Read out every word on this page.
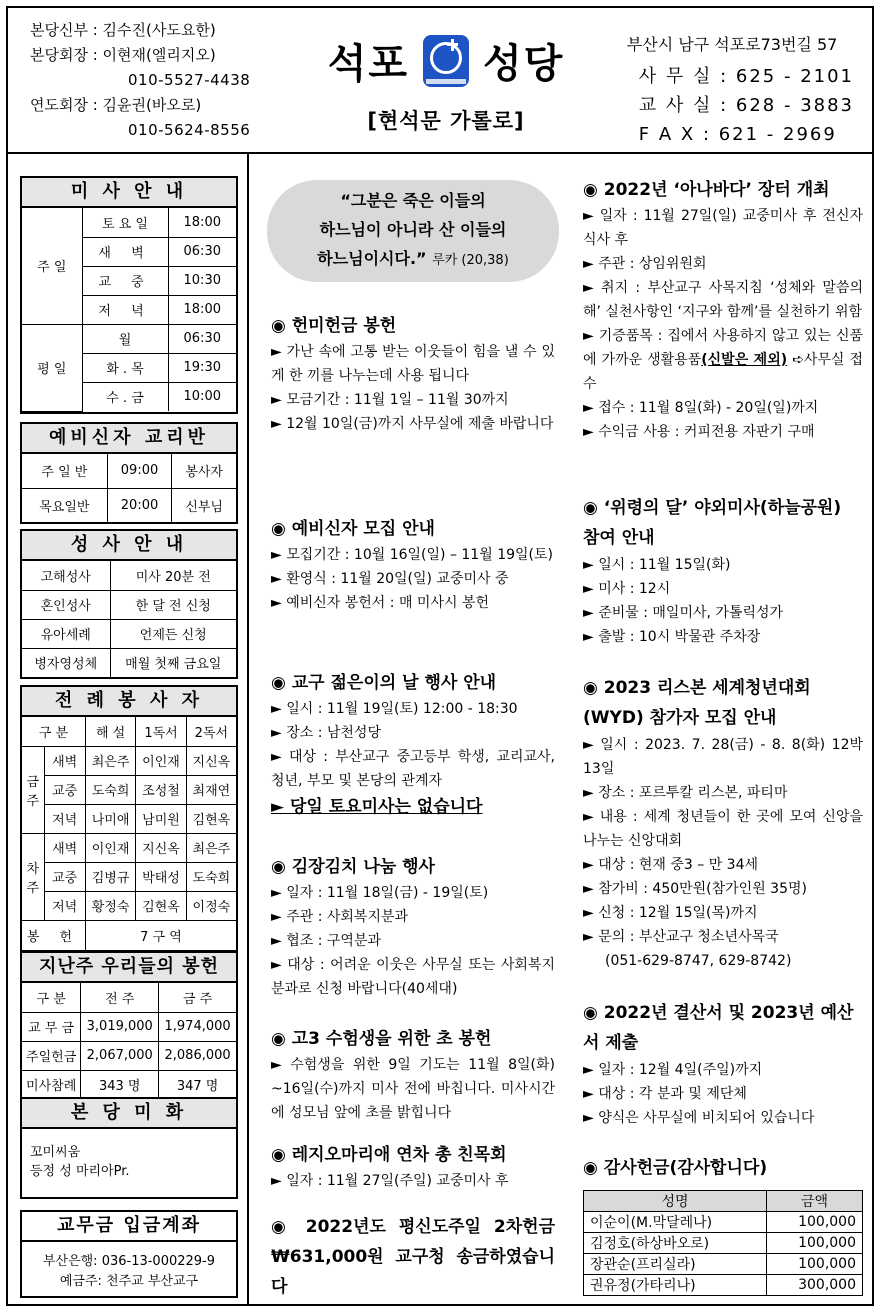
본당신부 : 김수진(사도요한)
본당회장 : 이현재(엘리지오)
010-5527-4438
연도회장 : 김윤권(바오로)
010-5624-8556
석포 성당
[현석문 가롤로]
부산시 남구 석포로73번길 57
사 무 실 : 625 - 2101
교 사 실 : 628 - 3883
F A X : 621 - 2969
미 사 안 내
주 일	토 요 일	18:00
	새 벽	06:30
	교 중	10:30
	저 녁	18:00
평 일	월	06:30
	화 . 목	19:30
	수 . 금	10:00
예비신자 교리반
주 일 반	09:00	봉사자
목요일반	20:00	신부님
성 사 안 내
고해성사	미사 20분 전
혼인성사	한 달 전 신청
유아세례	언제든 신청
병자영성체	매월 첫째 금요일
전 례 봉 사 자
구 분		해 설	1독서	2독서
금주	새벽	최은주	이인재	지신옥
	교중	도숙희	조성철	최재연
	저녁	나미애	남미원	김현옥
차주	새벽	이인재	지신옥	최은주
	교중	김병규	박태성	도숙희
	저녁	황정숙	김현옥	이정숙
봉 헌		7 구 역		
지난주 우리들의 봉헌
구 분	전 주	금 주
교 무 금	3,019,000	1,974,000
주일헌금	2,067,000	2,086,000
미사참례	343 명	347 명
본 당 미 화
꼬미씨움
등정 성 마리아Pr.
교무금 입금계좌
부산은행: 036-13-000229-9
예금주: 천주교 부산교구
“그분은 죽은 이들의
하느님이 아니라 산 이들의
하느님이시다.” 루카 (20,38)
◉ 헌미헌금 봉헌
► 가난 속에 고통 받는 이웃들이 힘을 낼 수 있게 한 끼를 나누는데 사용 됩니다
► 모금기간 : 11월 1일 – 11월 30까지
► 12월 10일(금)까지 사무실에 제출 바랍니다
◉ 예비신자 모집 안내
► 모집기간 : 10월 16일(일) – 11월 19일(토)
► 환영식 : 11월 20일(일) 교중미사 중
► 예비신자 봉헌서 : 매 미사시 봉헌
◉ 교구 젊은이의 날 행사 안내
► 일시 : 11월 19일(토) 12:00 - 18:30
► 장소 : 남천성당
► 대상 : 부산교구 중고등부 학생, 교리교사, 청년, 부모 및 본당의 관계자
► 당일 토요미사는 없습니다
◉ 김장김치 나눔 행사
► 일자 : 11월 18일(금) - 19일(토)
► 주관 : 사회복지분과
► 협조 : 구역분과
► 대상 : 어려운 이웃은 사무실 또는 사회복지분과로 신청 바랍니다(40세대)
◉ 고3 수험생을 위한 초 봉헌
► 수험생을 위한 9일 기도는 11월 8일(화) ~16일(수)까지 미사 전에 바칩니다. 미사시간에 성모님 앞에 초를 밝힙니다
◉ 레지오마리애 연차 총 친목회
► 일자 : 11월 27일(주일) 교중미사 후
◉ 2022년도 평신도주일 2차헌금 ₩631,000원 교구청 송금하였습니다
◉ 2022년 ‘아나바다’ 장터 개최
► 일자 : 11월 27일(일) 교중미사 후 전신자 식사 후
► 주관 : 상임위원회
► 취지 : 부산교구 사목지침 ‘성체와 말씀의 해’ 실천사항인 ‘지구와 함께’를 실천하기 위함
► 기증품목 : 집에서 사용하지 않고 있는 신품에 가까운 생활용품(신발은 제외) ➪사무실 접수
► 접수 : 11월 8일(화) - 20일(일)까지
► 수익금 사용 : 커피전용 자판기 구매
◉ ‘위령의 달’ 야외미사(하늘공원) 참여 안내
► 일시 : 11월 15일(화)
► 미사 : 12시
► 준비물 : 매일미사, 가톨릭성가
► 출발 : 10시 박물관 주차장
◉ 2023 리스본 세계청년대회(WYD) 참가자 모집 안내
► 일시 : 2023. 7. 28(금) - 8. 8(화) 12박 13일
► 장소 : 포르투칼 리스본, 파티마
► 내용 : 세계 청년들이 한 곳에 모여 신앙을 나누는 신앙대회
► 대상 : 현재 중3 – 만 34세
► 참가비 : 450만원(참가인원 35명)
► 신청 : 12월 15일(목)까지
► 문의 : 부산교구 청소년사목국
(051-629-8747, 629-8742)
◉ 2022년 결산서 및 2023년 예산서 제출
► 일자 : 12월 4일(주일)까지
► 대상 : 각 분과 및 제단체
► 양식은 사무실에 비치되어 있습니다
◉ 감사헌금(감사합니다)
성명	금액
이순이(M.막달레나)	100,000
김정호(하상바오로)	100,000
장관순(프리실라)	100,000
권유정(가타리나)	300,000
